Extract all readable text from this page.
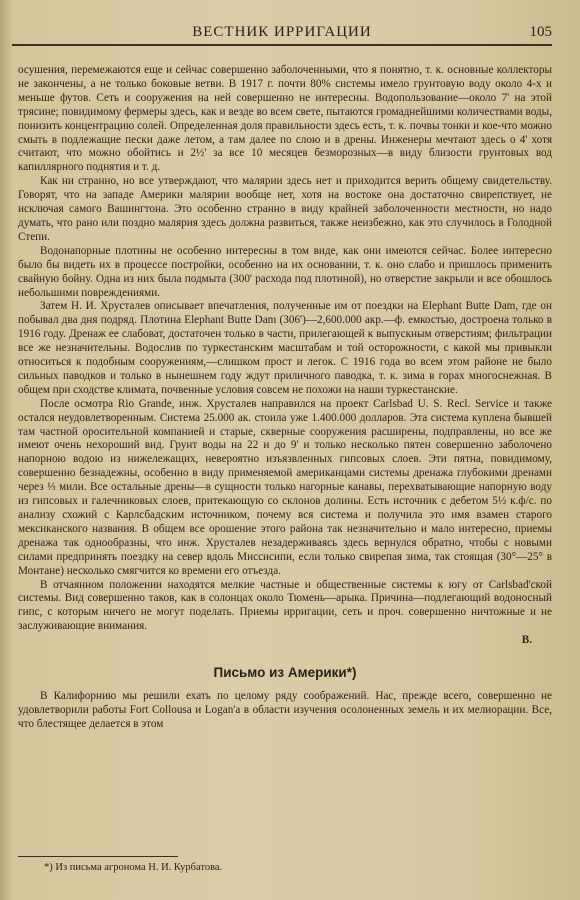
ВЕСТНИК ИРРИГАЦИИ	105

осушения, перемежаются еще и сейчас совершенно заболоченными, что я понятно, т. к. основные коллекторы не закончены, а не только боковые ветви. В 1917 г. почти 80% системы имело грунтовую воду около 4-х и меньше футов. Сеть и сооружения на ней совершенно не интересны. Водопользование—около 7' на этой трясине; повидимому фермеры здесь, как и везде во всем свете, пытаются громаднейшими количествами воды, понизить концентрацию солей. Определенная доля правильности здесь есть, т. к. почвы тонки и кое-что можно смыть в подлежащие пески даже летом, а там далее по слою и в дрены. Инженеры мечтают здесь о 4' хотя считают, что можно обойтись и 2½' за все 10 месяцев безморозных—в виду близости грунтовых вод капиллярного поднятия и т. д.

Как ни странно, но все утверждают, что малярии здесь нет и приходится верить общему свидетельству. Говорят, что на западе Америки малярии вообще нет, хотя на востоке она достаточно свирепствует, не исключая самого Вашингтона. Это особенно странно в виду крайней заболоченности местности, но надо думать, что рано или поздно малярия здесь должна развиться, также неизбежно, как это случилось в Голодной Степи.

Водонапорные плотины не особенно интересны в том виде, как они имеются сейчас. Более интересно было бы видеть их в процессе постройки, особенно на их основании, т. к. оно слабо и пришлось применить свайную бойну. Одна из них была подмыта (300' расхода под плотиной), но отверстие закрыли и все обошлось небольшими повреждениями.

Затем Н. И. Хрусталев описывает впечатления, полученные им от поездки на Elephant Butte Dam, где он побывал два дня подряд. Плотина Elephant Butte Dam (306')—2,600.000 акр.—ф. емкостью, достроена только в 1916 году. Дренаж ее слабоват, достаточен только в части, прилегающей к выпускным отверстиям; фильтрации все же незначительны. Водослив по туркестанским масштабам и той осторожности, с какой мы привыкли относиться к подобным сооружениям,—слишком прост и легок. С 1916 года во всем этом районе не было сильных паводков и только в нынешнем году ждут приличного паводка, т. к. зима в горах многоснежная. В общем при сходстве климата, почвенные условия совсем не похожи на наши туркестанские.

После осмотра Rio Grande, инж. Хрусталев направился на проект Carlsbad U. S. Recl. Service и также остался неудовлетворенным. Система 25.000 ак. стоила уже 1.400.000 долларов. Эта система куплена бывшей там частной оросительной компанией и старые, скверные сооружения расширены, подправлены, но все же имеют очень нехороший вид. Грунт воды на 22 и до 9' и только несколько пятен совершенно заболочено напорною водою из нижележащих, невероятно изъязвленных гипсовых слоев. Эти пятна, повидимому, совершенно безнадежны, особенно в виду применяемой американцами системы дренажа глубокими дренами через ⅓ мили. Все остальные дрены—в сущности только нагорные канавы, перехватывающие напорную воду из гипсовых и галечниковых слоев, притекающую со склонов долины. Есть источник с дебетом 5½ к.ф/с. по анализу схожий с Карлсбадским источником, почему вся система и получила это имя взамен старого мексиканского названия. В общем все орошение этого района так незначительно и мало интересно, приемы дренажа так однообразны, что инж. Хрусталев незадерживаясь здесь вернулся обратно, чтобы с новыми силами предпринять поездку на север вдоль Миссисипи, если только свирепая зима, так стоящая (30°—25° в Монтане) несколько смягчится ко времени его отъезда.

В отчаянном положении находятся мелкие частные и общественные системы к югу от Carlsbad'ской системы. Вид совершенно таков, как в солонцах около Тюмень—арыка. Причина—подлегающий водоносный гипс, с которым ничего не могут поделать. Приемы ирригации, сеть и проч. совершенно ничтожные и не заслуживающие внимания.

В.
Письмо из Америки*)

В Калифорнию мы решили ехать по целому ряду соображений. Нас, прежде всего, совершенно не удовлетворили работы Fort Collousa и Logan'a в области изучения осолоненных земель и их мелиорации. Все, что блестящее делается в этом

*) Из письма агронома Н. И. Курбатова.
